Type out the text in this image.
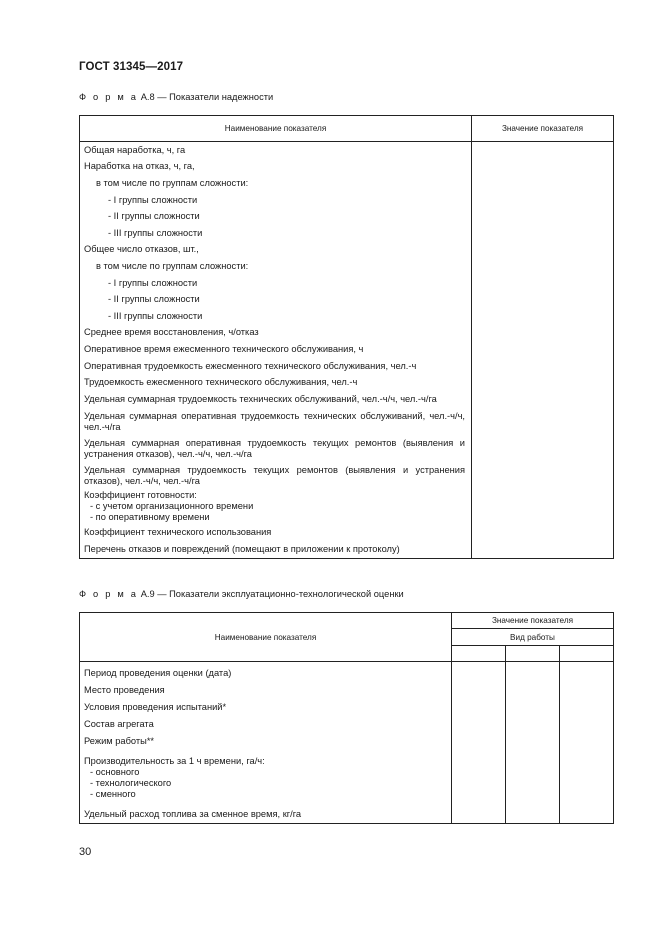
ГОСТ 31345—2017
Ф о р м а А.8 — Показатели надежности
Наименование показателя	Значение показателя
Общая наработка, ч, га	
Наработка на отказ, ч, га,	
в том числе по группам сложности:	
- I группы сложности	
- II группы сложности	
- III группы сложности	
Общее число отказов, шт.,	
в том числе по группам сложности:	
- I группы сложности	
- II группы сложности	
- III группы сложности	
Среднее время восстановления, ч/отказ	
Оперативное время ежесменного технического обслуживания, ч	
Оперативная трудоемкость ежесменного технического обслуживания, чел.-ч	
Трудоемкость ежесменного технического обслуживания, чел.-ч	
Удельная суммарная трудоемкость технических обслуживаний, чел.-ч/ч, чел.-ч/га	
Удельная суммарная оперативная трудоемкость технических обслуживаний, чел.-ч/ч, чел.-ч/га	
Удельная суммарная оперативная трудоемкость текущих ремонтов (выявления и устранения отказов), чел.-ч/ч, чел.-ч/га	
Удельная суммарная трудоемкость текущих ремонтов (выявления и устранения отказов), чел.-ч/ч, чел.-ч/га	
Коэффициент готовности:
- с учетом организационного времени
- по оперативному времени	

Коэффициент технического использования	
Перечень отказов и повреждений (помещают в приложении к протоколу)	
Ф о р м а А.9 — Показатели эксплуатационно-технологической оценки
Наименование показателя	Значение показателя		
	Вид работы		

Период проведения оценки (дата)			
Место проведения			
Условия проведения испытаний*			
Состав агрегата			
Режим работы**			
Производительность за 1 ч времени, га/ч:
- основного
- технологического
- сменного			

Удельный расход топлива за сменное время, кг/га			
30
